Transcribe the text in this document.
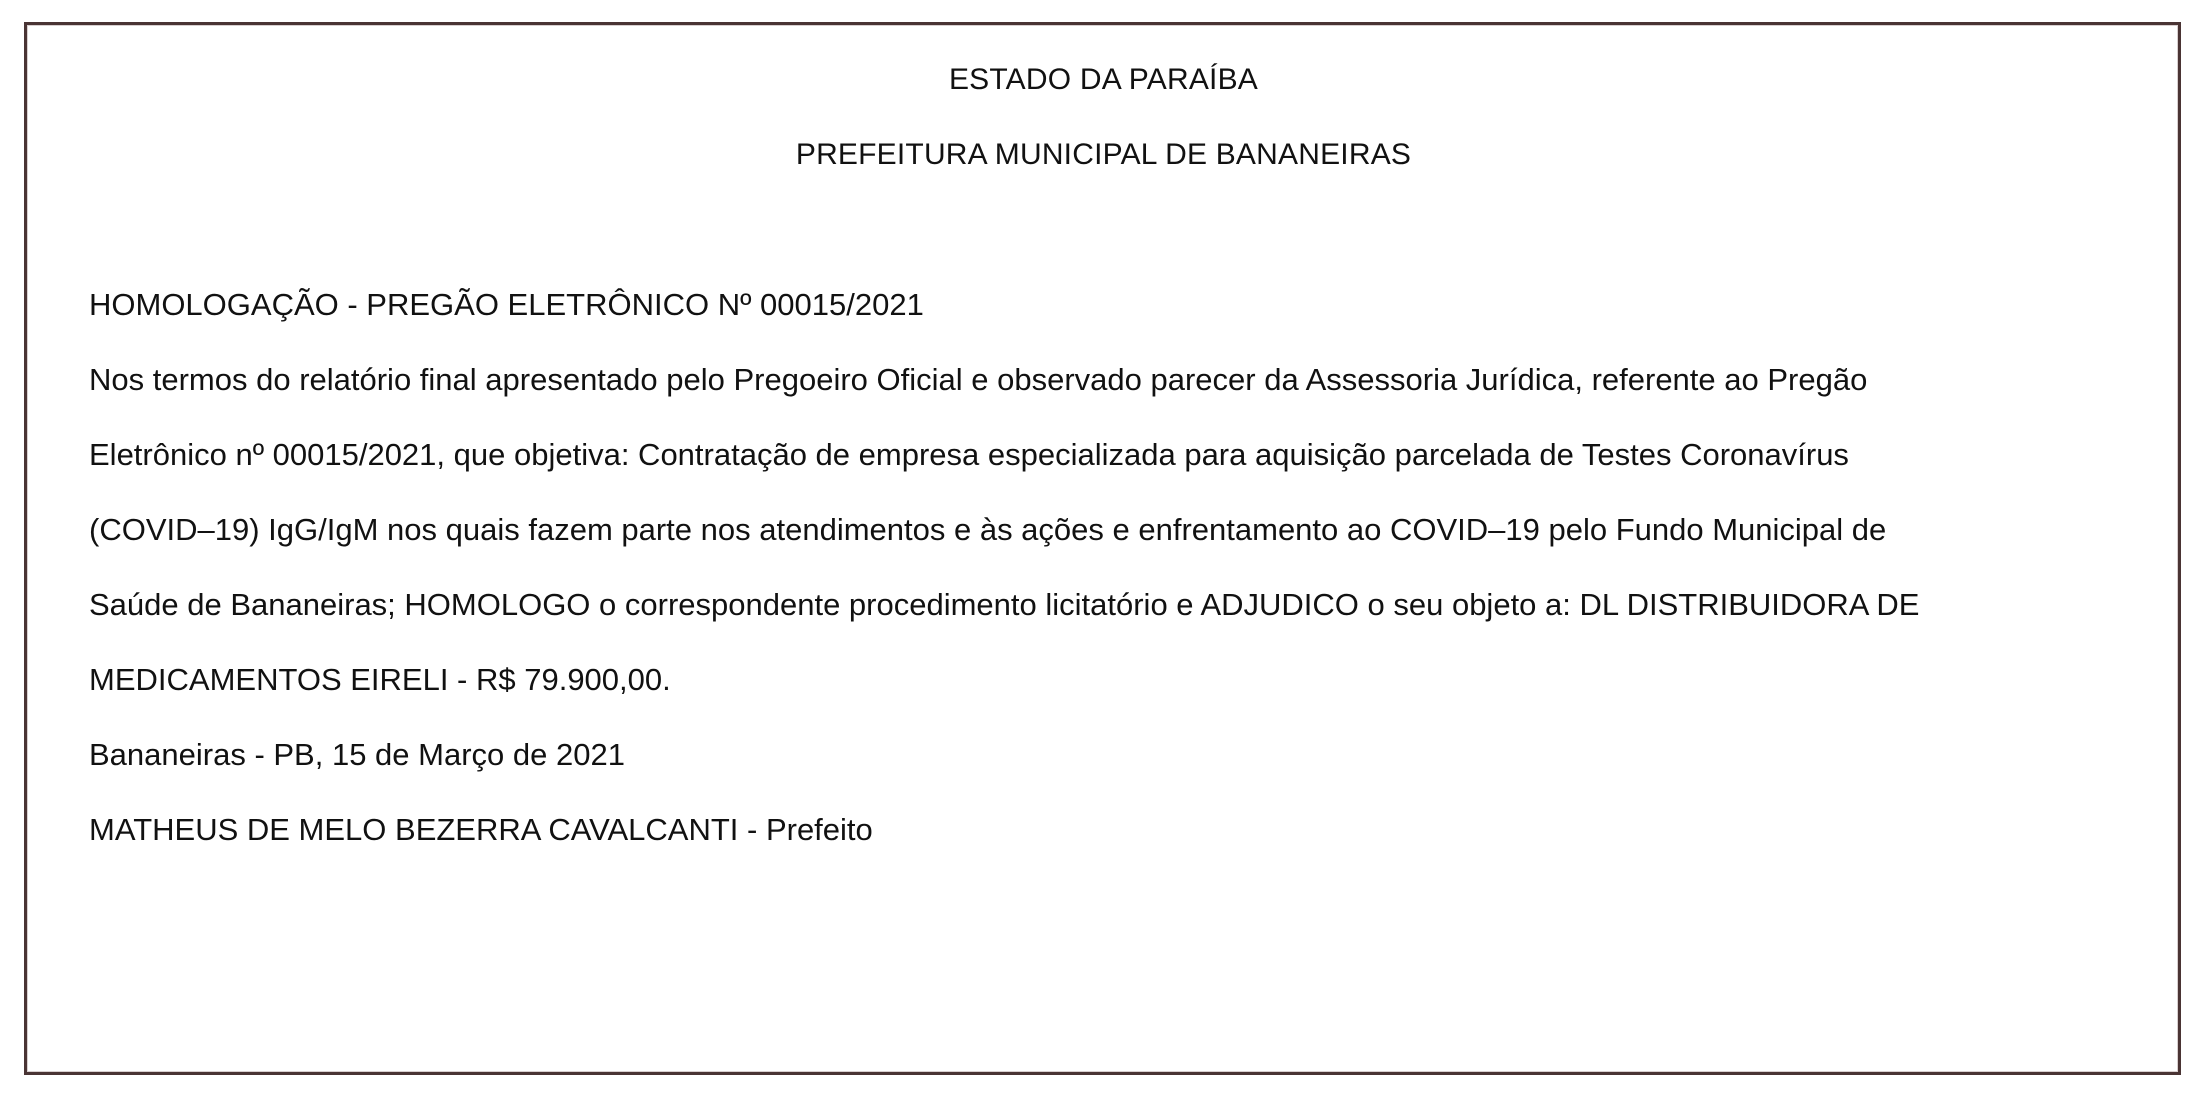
ESTADO DA PARAÍBA
PREFEITURA MUNICIPAL DE BANANEIRAS
HOMOLOGAÇÃO - PREGÃO ELETRÔNICO Nº 00015/2021
Nos termos do relatório final apresentado pelo Pregoeiro Oficial e observado parecer da Assessoria Jurídica, referente ao Pregão
Eletrônico nº 00015/2021, que objetiva: Contratação de empresa especializada para aquisição parcelada de Testes Coronavírus
(COVID–19) IgG/IgM nos quais fazem parte nos atendimentos e às ações e enfrentamento ao COVID–19 pelo Fundo Municipal de
Saúde de Bananeiras; HOMOLOGO o correspondente procedimento licitatório e ADJUDICO o seu objeto a: DL DISTRIBUIDORA DE
MEDICAMENTOS EIRELI - R$ 79.900,00.
Bananeiras - PB, 15 de Março de 2021
MATHEUS DE MELO BEZERRA CAVALCANTI - Prefeito
